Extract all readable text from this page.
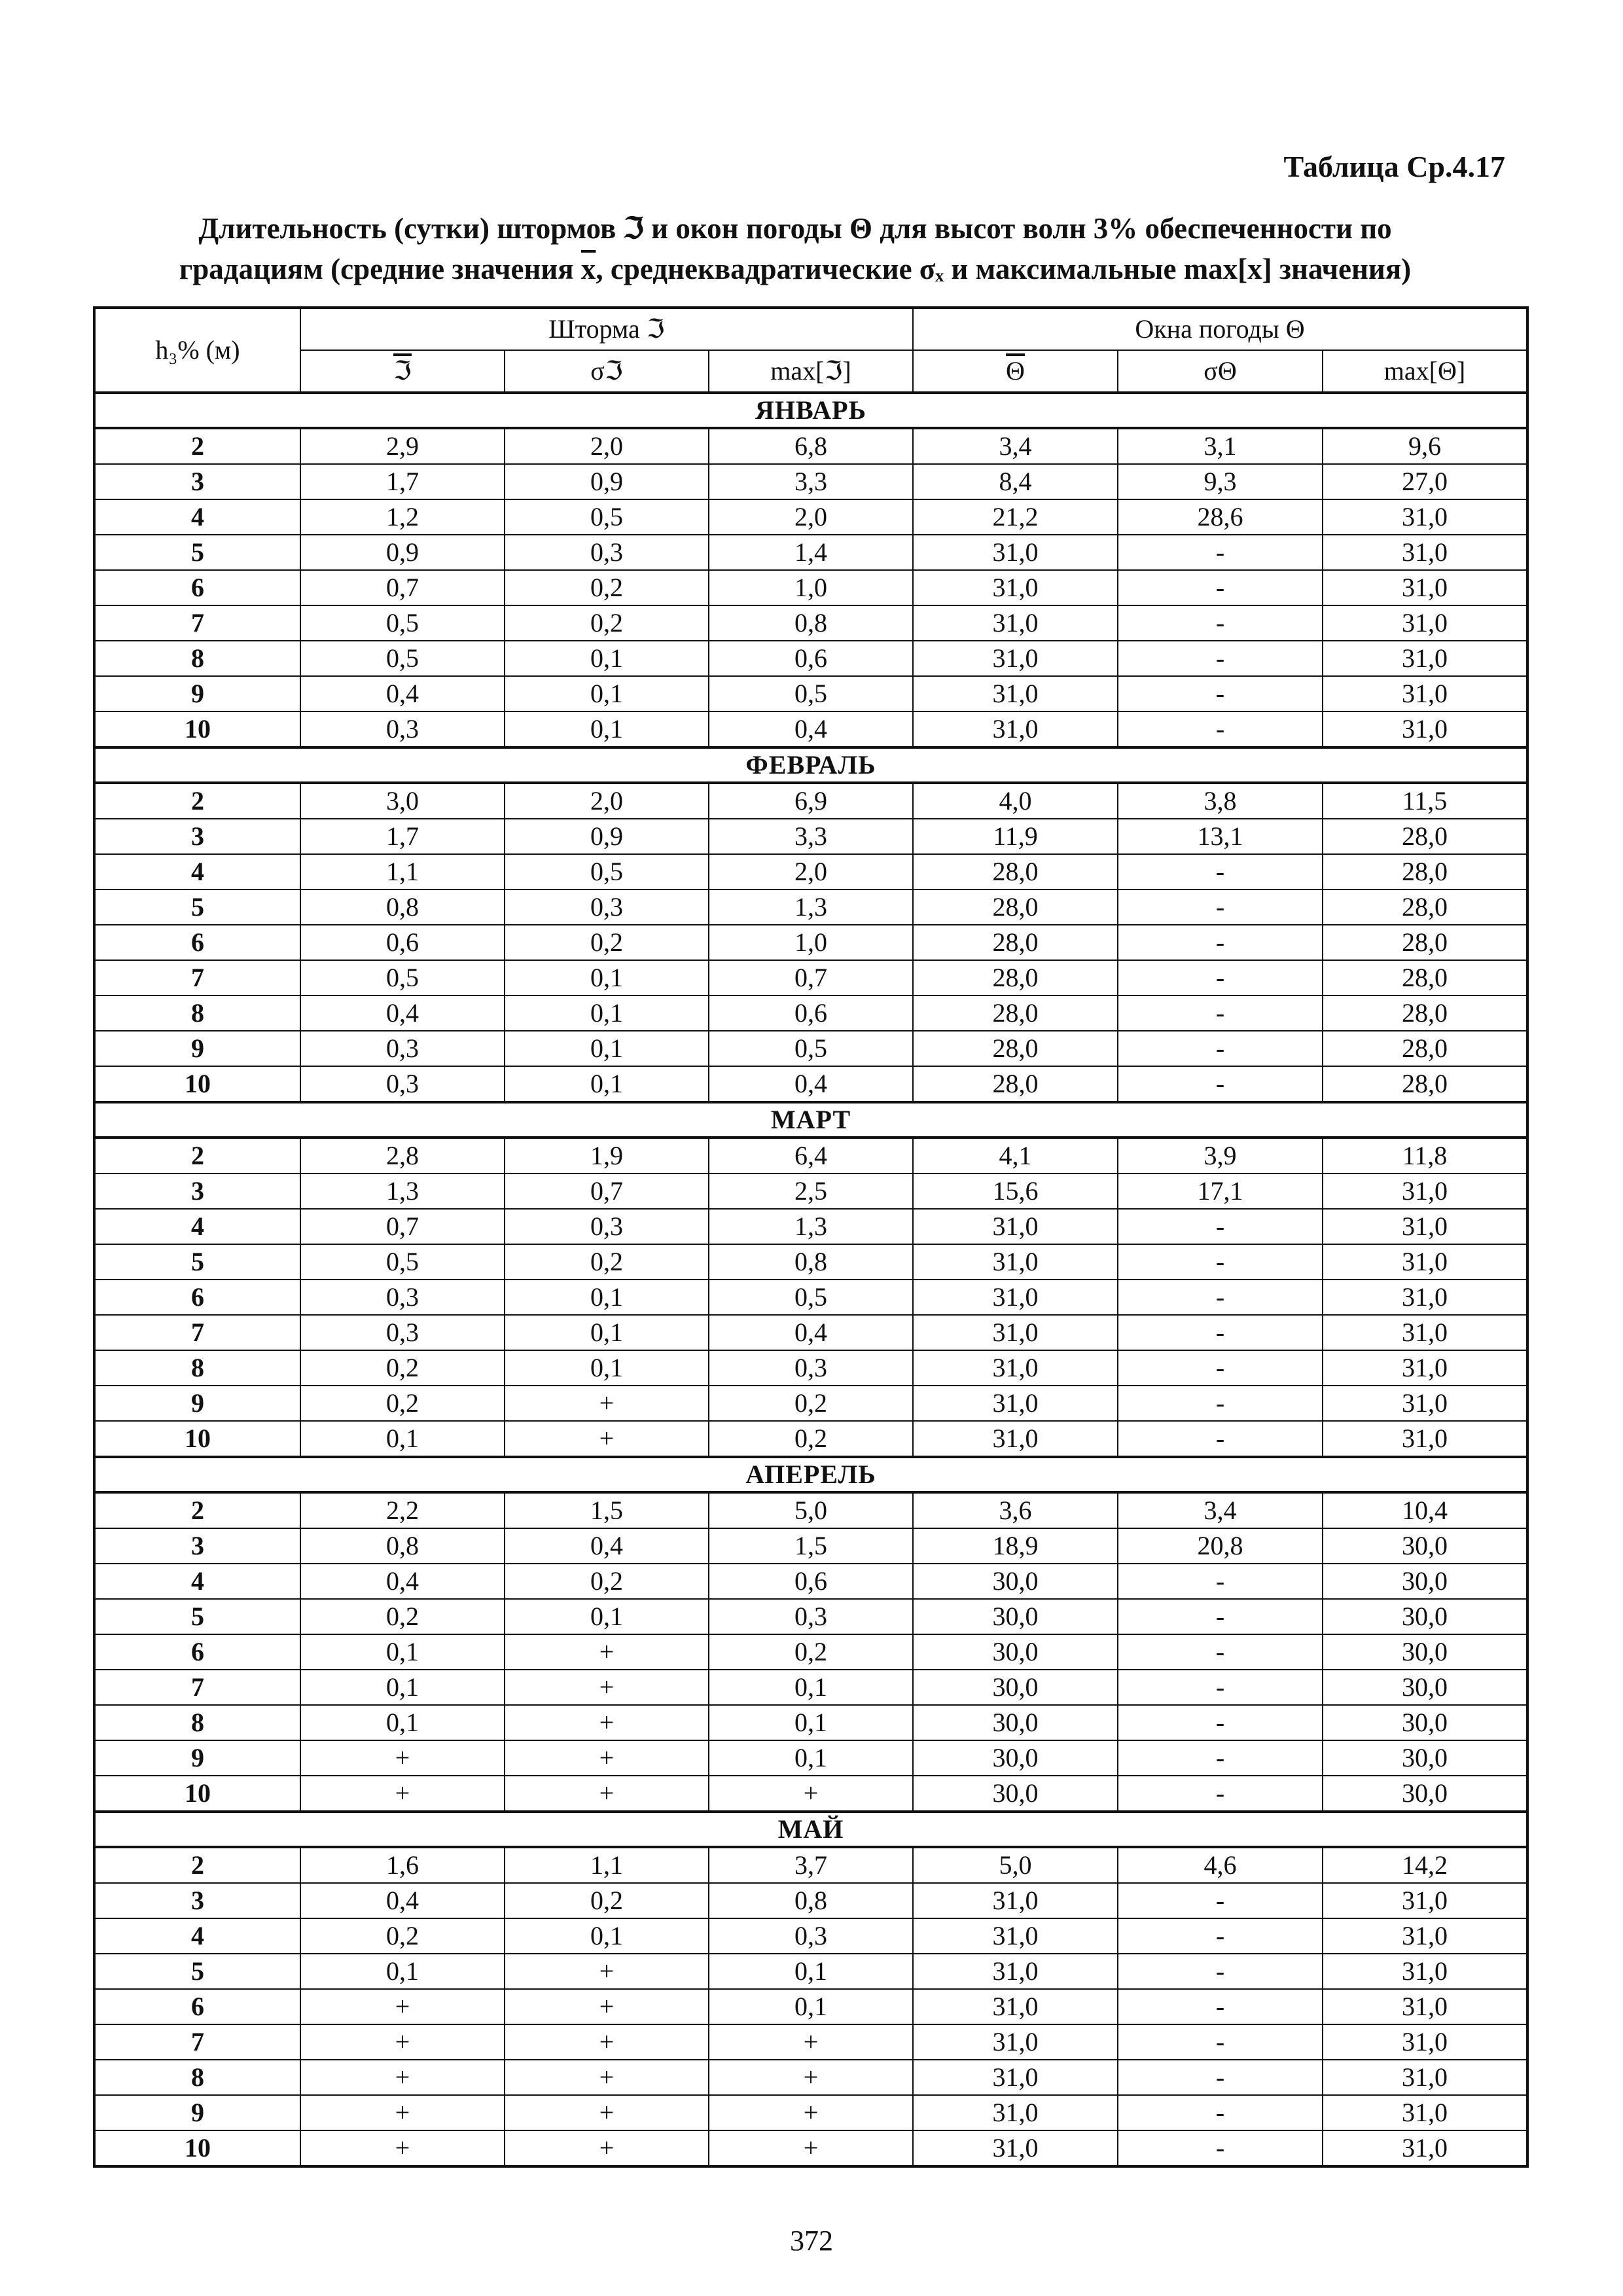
Таблица Ср.4.17
Длительность (сутки) штормов ℑ и окон погоды Θ для высот волн 3% обеспеченности по
градациям (средние значения $\overline{x}$, среднеквадратические σₓ и максимальные max[x] значения)
h₃% (м)	Шторма ℑ			Окна погоды Θ		
	ℑ	σℑ	max[ℑ]	$\overline{\Theta}$	σΘ	max[Θ]
ЯНВАРЬ						
2	2,9	2,0	6,8	3,4	3,1	9,6
3	1,7	0,9	3,3	8,4	9,3	27,0
4	1,2	0,5	2,0	21,2	28,6	31,0
5	0,9	0,3	1,4	31,0	-	31,0
6	0,7	0,2	1,0	31,0	-	31,0
7	0,5	0,2	0,8	31,0	-	31,0
8	0,5	0,1	0,6	31,0	-	31,0
9	0,4	0,1	0,5	31,0	-	31,0
10	0,3	0,1	0,4	31,0	-	31,0
ФЕВРАЛЬ						
2	3,0	2,0	6,9	4,0	3,8	11,5
3	1,7	0,9	3,3	11,9	13,1	28,0
4	1,1	0,5	2,0	28,0	-	28,0
5	0,8	0,3	1,3	28,0	-	28,0
6	0,6	0,2	1,0	28,0	-	28,0
7	0,5	0,1	0,7	28,0	-	28,0
8	0,4	0,1	0,6	28,0	-	28,0
9	0,3	0,1	0,5	28,0	-	28,0
10	0,3	0,1	0,4	28,0	-	28,0
МАРТ						
2	2,8	1,9	6,4	4,1	3,9	11,8
3	1,3	0,7	2,5	15,6	17,1	31,0
4	0,7	0,3	1,3	31,0	-	31,0
5	0,5	0,2	0,8	31,0	-	31,0
6	0,3	0,1	0,5	31,0	-	31,0
7	0,3	0,1	0,4	31,0	-	31,0
8	0,2	0,1	0,3	31,0	-	31,0
9	0,2	+	0,2	31,0	-	31,0
10	0,1	+	0,2	31,0	-	31,0
АПЕРЕЛЬ						
2	2,2	1,5	5,0	3,6	3,4	10,4
3	0,8	0,4	1,5	18,9	20,8	30,0
4	0,4	0,2	0,6	30,0	-	30,0
5	0,2	0,1	0,3	30,0	-	30,0
6	0,1	+	0,2	30,0	-	30,0
7	0,1	+	0,1	30,0	-	30,0
8	0,1	+	0,1	30,0	-	30,0
9	+	+	0,1	30,0	-	30,0
10	+	+	+	30,0	-	30,0
МАЙ						
2	1,6	1,1	3,7	5,0	4,6	14,2
3	0,4	0,2	0,8	31,0	-	31,0
4	0,2	0,1	0,3	31,0	-	31,0
5	0,1	+	0,1	31,0	-	31,0
6	+	+	0,1	31,0	-	31,0
7	+	+	+	31,0	-	31,0
8	+	+	+	31,0	-	31,0
9	+	+	+	31,0	-	31,0
10	+	+	+	31,0	-	31,0
372
